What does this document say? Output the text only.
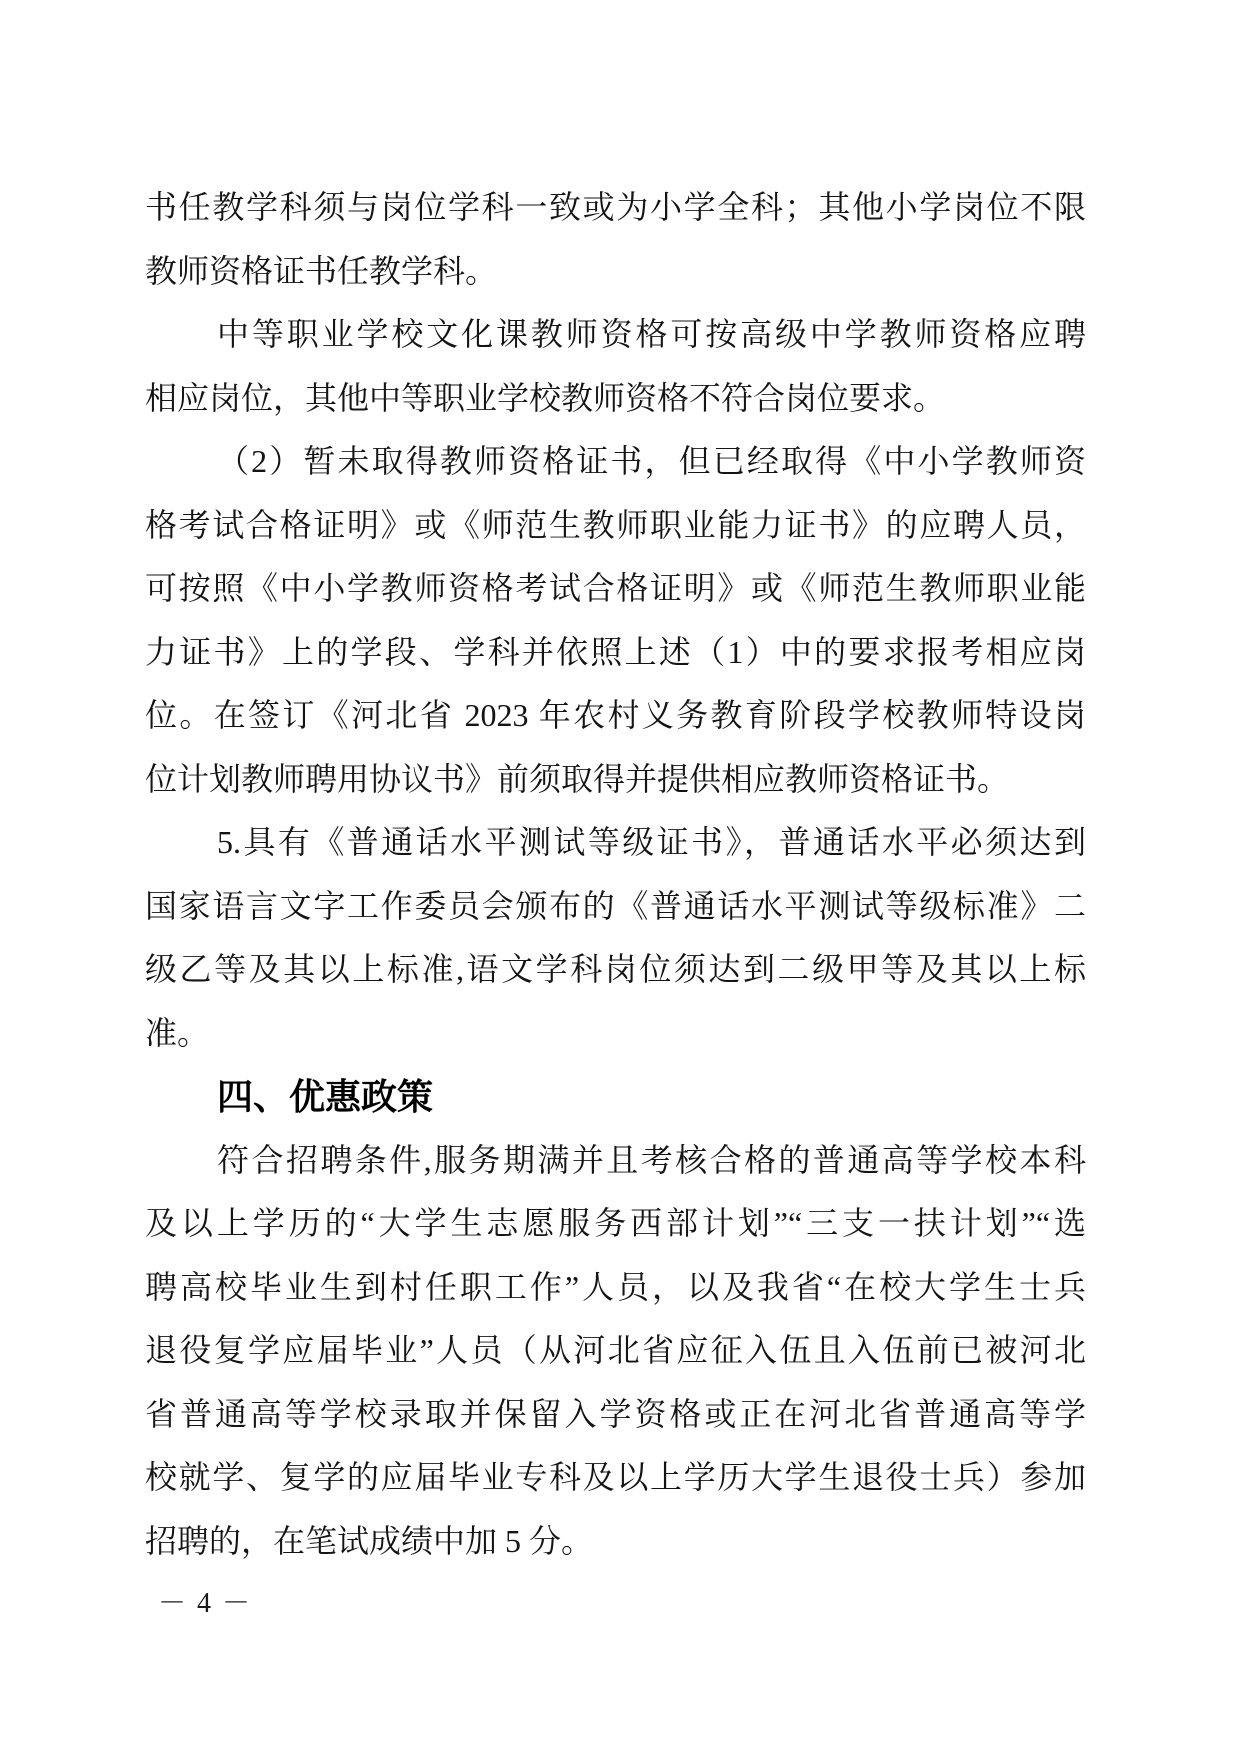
书任教学科须与岗位学科一致或为小学全科；其他小学岗位不限
教师资格证书任教学科。
中等职业学校文化课教师资格可按高级中学教师资格应聘
相应岗位，其他中等职业学校教师资格不符合岗位要求。
（2）暂未取得教师资格证书，但已经取得《中小学教师资
格考试合格证明》或《师范生教师职业能力证书》的应聘人员，
可按照《中小学教师资格考试合格证明》或《师范生教师职业能
力证书》上的学段、学科并依照上述（1）中的要求报考相应岗
位。在签订《河北省 2023 年农村义务教育阶段学校教师特设岗
位计划教师聘用协议书》前须取得并提供相应教师资格证书。
5.具有《普通话水平测试等级证书》，普通话水平必须达到
国家语言文字工作委员会颁布的《普通话水平测试等级标准》二
级乙等及其以上标准,语文学科岗位须达到二级甲等及其以上标
准。
四、优惠政策
符合招聘条件,服务期满并且考核合格的普通高等学校本科
及以上学历的“大学生志愿服务西部计划”“三支一扶计划”“选
聘高校毕业生到村任职工作”人员，以及我省“在校大学生士兵
退役复学应届毕业”人员（从河北省应征入伍且入伍前已被河北
省普通高等学校录取并保留入学资格或正在河北省普通高等学
校就学、复学的应届毕业专科及以上学历大学生退役士兵）参加
招聘的，在笔试成绩中加 5 分。
－ 4 －
